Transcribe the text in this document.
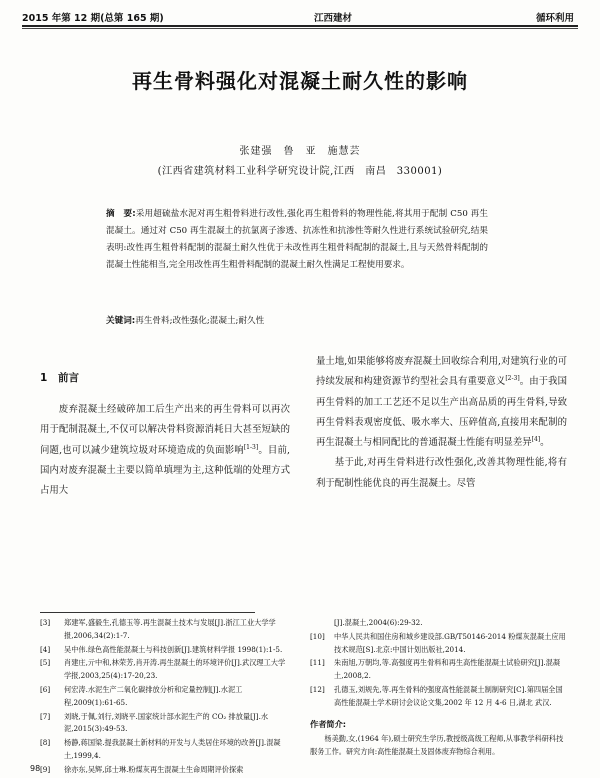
2015 年第 12 期(总第 165 期)	江西建材	循环利用
再生骨料强化对混凝土耐久性的影响
张建强　鲁　亚　施慧芸
(江西省建筑材料工业科学研究设计院,江西　南昌　330001)
摘　要:采用超硫盐水泥对再生粗骨料进行改性,强化再生粗骨料的物理性能,将其用于配制 C50 再生混凝土。通过对 C50 再生混凝土的抗氯离子渗透、抗冻性和抗渗性等耐久性进行系统试验研究,结果表明:改性再生粗骨料配制的混凝土耐久性优于未改性再生粗骨料配制的混凝土,且与天然骨料配制的混凝土性能相当,完全用改性再生粗骨料配制的混凝土耐久性满足工程使用要求。
关键词:再生骨料;改性强化;混凝土;耐久性
1 前言

废弃混凝土经破碎加工后生产出来的再生骨料可以再次用于配制混凝土,不仅可以解决骨料资源消耗日大甚至短缺的问题,也可以减少建筑垃圾对环境造成的负面影响[1-3]。目前,国内对废弃混凝土主要以简单填埋为主,这种低端的处理方式占用大

量土地,如果能够将废弃混凝土回收综合利用,对建筑行业的可持续发展和构建资源节约型社会具有重要意义[2-3]。由于我国再生骨料的加工工艺还不足以生产出高品质的再生骨料,导致再生骨料表观密度低、吸水率大、压碎值高,直接用来配制的再生混凝土与相同配比的普通混凝土性能有明显差异[4]。

基于此,对再生骨料进行改性强化,改善其物理性能,将有利于配制性能优良的再生混凝土。尽管

[3]	郑建军,盛毅生,孔德玉等.再生混凝土技术与发展[J].浙江工业大学学报,2006,34(2):1-7.
[4]	吴中伟.绿色高性能混凝土与科技创新[J].建筑材料学报 1998(1):1-5.
[5]	肖建庄,亓中和,林荣芳,肖开涛.再生混凝土的环境评价[J].武汉理工大学学报,2003,25(4):17-20,23.
[6]	何宏涛.水泥生产二氧化碳排放分析和定量控制[J].水泥工程,2009(1):61-65.
[7]	刘晓,于佩,刘行,刘晓平.国家统计部水泥生产的 CO₂ 排放量[J].水泥,2015(3):49-53.
[8]	杨静,蒋国梁.提我混凝土新材料的开发与人类居住环境的改善[J].混凝土,1999,4.
[9]	徐亦东,吴辉,邱士琳.粉煤灰再生混凝土生命周期评价探索
[J].混凝土,2004(6):29-32.
[10]	中华人民共和国住房和城乡建设部.GB/T50146-2014 粉煤灰混凝土应用技术规范[S].北京:中国计划出版社,2014.
[11]	朱南旭,万朝均,等.高强度再生骨料和再生高性能混凝土试验研究[J].混凝土,2008,2.
[12]	孔德玉,刘规先,等.再生骨料的强度高性能混凝土制制研究[C].第四届全国高性能混凝土学术研讨会议论文集,2002 年 12 月 4-6 日,湖北 武汉.
作者简介:
杨美勤,女,(1964 年),硕士研究生学历,教授级高级工程师,从事教学科研科技服务工作。研究方向:高性能混凝土及固体废弃物综合利用。
98
